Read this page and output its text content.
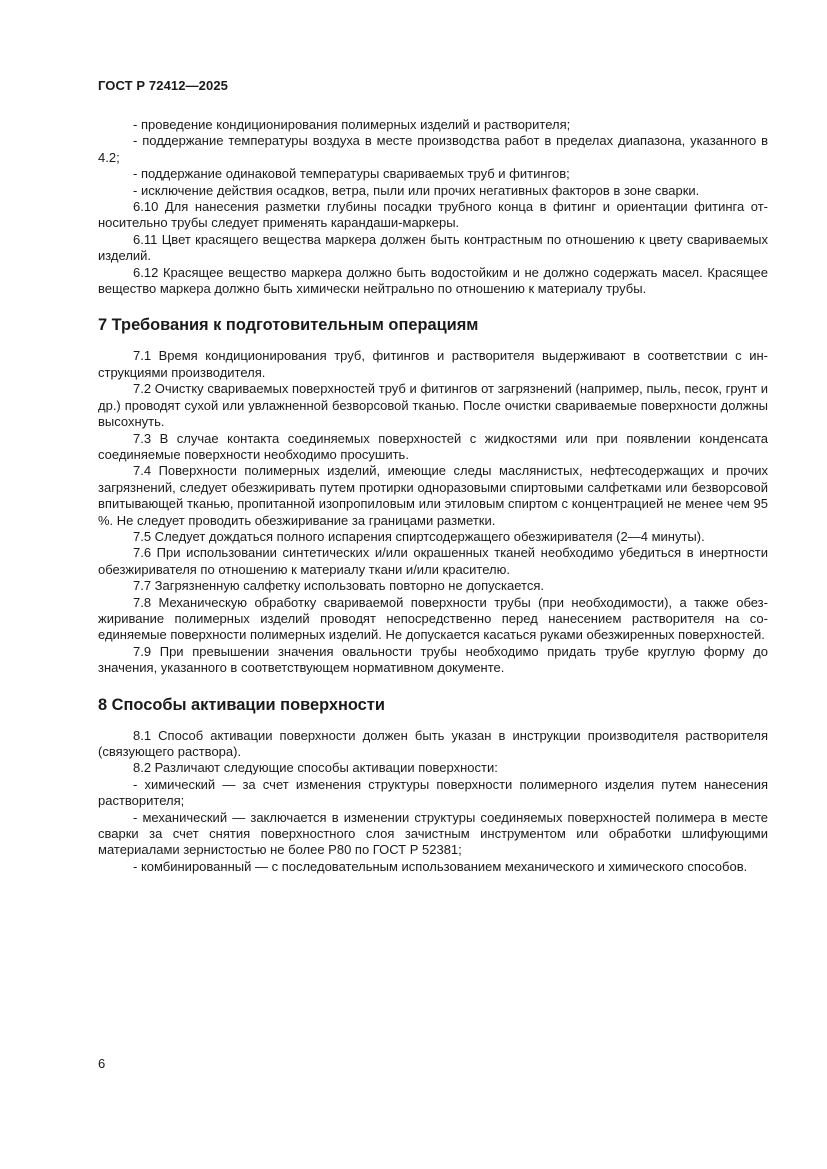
ГОСТ Р 72412—2025

- проведение кондиционирования полимерных изделий и растворителя;

- поддержание температуры воздуха в месте производства работ в пределах диапазона, указанного в 4.2;

- поддержание одинаковой температуры свариваемых труб и фитингов;

- исключение действия осадков, ветра, пыли или прочих негативных факторов в зоне сварки.

6.10 Для нанесения разметки глубины посадки трубного конца в фитинг и ориентации фитинга относительно трубы следует применять карандаши-маркеры.

6.11 Цвет красящего вещества маркера должен быть контрастным по отношению к цвету свариваемых изделий.

6.12 Красящее вещество маркера должно быть водостойким и не должно содержать масел. Красящее вещество маркера должно быть химически нейтрально по отношению к материалу трубы.

7 Требования к подготовительным операциям

7.1 Время кондиционирования труб, фитингов и растворителя выдерживают в соответствии с инструкциями производителя.

7.2 Очистку свариваемых поверхностей труб и фитингов от загрязнений (например, пыль, песок, грунт и др.) проводят сухой или увлажненной безворсовой тканью. После очистки свариваемые поверхности должны высохнуть.

7.3 В случае контакта соединяемых поверхностей с жидкостями или при появлении конденсата соединяемые поверхности необходимо просушить.

7.4 Поверхности полимерных изделий, имеющие следы маслянистых, нефтесодержащих и прочих загрязнений, следует обезжиривать путем протирки одноразовыми спиртовыми салфетками или безворсовой впитывающей тканью, пропитанной изопропиловым или этиловым спиртом с концентрацией не менее чем 95 %. Не следует проводить обезжиривание за границами разметки.

7.5 Следует дождаться полного испарения спиртсодержащего обезжиривателя (2—4 минуты).

7.6 При использовании синтетических и/или окрашенных тканей необходимо убедиться в инертности обезжиривателя по отношению к материалу ткани и/или красителю.

7.7 Загрязненную салфетку использовать повторно не допускается.

7.8 Механическую обработку свариваемой поверхности трубы (при необходимости), а также обезжиривание полимерных изделий проводят непосредственно перед нанесением растворителя на соединяемые поверхности полимерных изделий. Не допускается касаться руками обезжиренных поверхностей.

7.9 При превышении значения овальности трубы необходимо придать трубе круглую форму до значения, указанного в соответствующем нормативном документе.

8 Способы активации поверхности

8.1 Способ активации поверхности должен быть указан в инструкции производителя растворителя (связующего раствора).

8.2 Различают следующие способы активации поверхности:

- химический — за счет изменения структуры поверхности полимерного изделия путем нанесения растворителя;

- механический — заключается в изменении структуры соединяемых поверхностей полимера в месте сварки за счет снятия поверхностного слоя зачистным инструментом или обработки шлифующими материалами зернистостью не более Р80 по ГОСТ Р 52381;

- комбинированный — с последовательным использованием механического и химического способов.

6
